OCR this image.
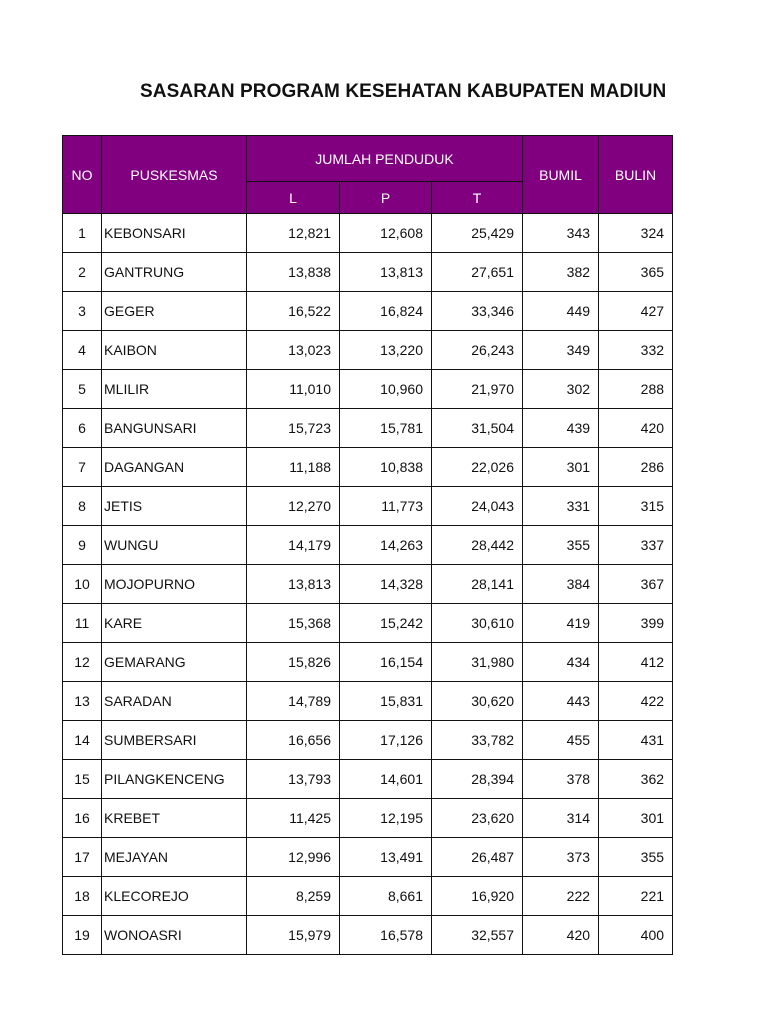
SASARAN PROGRAM KESEHATAN KABUPATEN MADIUN
NO	PUSKESMAS	JUMLAH PENDUDUK			BUMIL	BULIN
		L	P	T		
1	KEBONSARI	12,821	12,608	25,429	343	324
2	GANTRUNG	13,838	13,813	27,651	382	365
3	GEGER	16,522	16,824	33,346	449	427
4	KAIBON	13,023	13,220	26,243	349	332
5	MLILIR	11,010	10,960	21,970	302	288
6	BANGUNSARI	15,723	15,781	31,504	439	420
7	DAGANGAN	11,188	10,838	22,026	301	286
8	JETIS	12,270	11,773	24,043	331	315
9	WUNGU	14,179	14,263	28,442	355	337
10	MOJOPURNO	13,813	14,328	28,141	384	367
11	KARE	15,368	15,242	30,610	419	399
12	GEMARANG	15,826	16,154	31,980	434	412
13	SARADAN	14,789	15,831	30,620	443	422
14	SUMBERSARI	16,656	17,126	33,782	455	431
15	PILANGKENCENG	13,793	14,601	28,394	378	362
16	KREBET	11,425	12,195	23,620	314	301
17	MEJAYAN	12,996	13,491	26,487	373	355
18	KLECOREJO	8,259	8,661	16,920	222	221
19	WONOASRI	15,979	16,578	32,557	420	400
